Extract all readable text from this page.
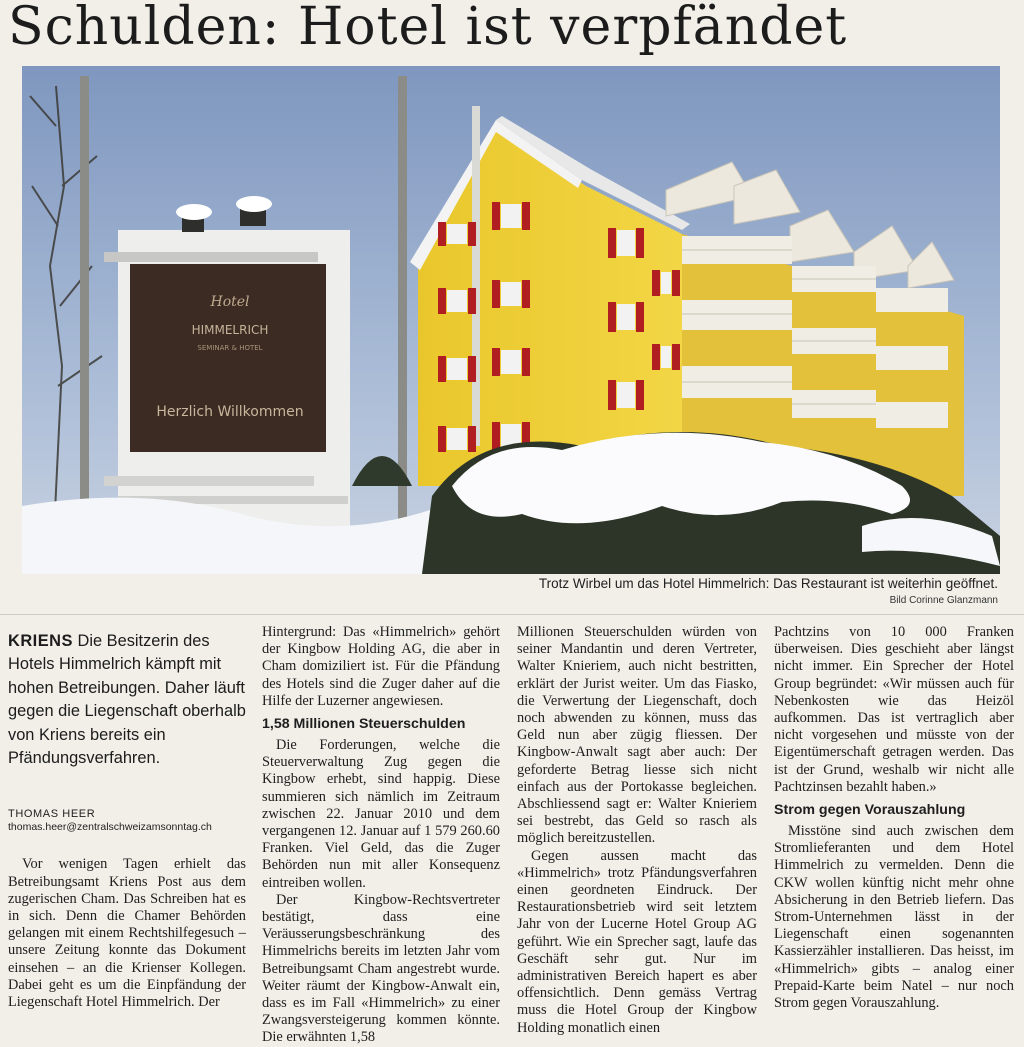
Schulden: Hotel ist verpfändet
Hotel
HIMMELRICH
SEMINAR & HOTEL
Herzlich Willkommen
Trotz Wirbel um das Hotel Himmelrich: Das Restaurant ist weiterhin geöffnet.
Bild Corinne Glanzmann
KRIENS Die Besitzerin des Hotels Himmelrich kämpft mit hohen Betreibungen. Daher läuft gegen die Liegenschaft oberhalb von Kriens bereits ein Pfändungsverfahren.
THOMAS HEER
thomas.heer@zentralschweizamsonntag.ch

Vor wenigen Tagen erhielt das Betreibungsamt Kriens Post aus dem zugerischen Cham. Das Schreiben hat es in sich. Denn die Chamer Behörden gelangen mit einem Rechtshilfegesuch – unsere Zeitung konnte das Dokument einsehen – an die Krienser Kollegen. Dabei geht es um die Einpfändung der Liegenschaft Hotel Himmelrich. Der

Hintergrund: Das «Himmelrich» gehört der Kingbow Holding AG, die aber in Cham domiziliert ist. Für die Pfändung des Hotels sind die Zuger daher auf die Hilfe der Luzerner angewiesen.

1,58 Millionen Steuerschulden

Die Forderungen, welche die Steuerverwaltung Zug gegen die Kingbow erhebt, sind happig. Diese summieren sich nämlich im Zeitraum zwischen 22. Januar 2010 und dem vergangenen 12. Januar auf 1 579 260.60 Franken. Viel Geld, das die Zuger Behörden nun mit aller Konsequenz eintreiben wollen.

Der Kingbow-Rechtsvertreter bestätigt, dass eine Veräusserungsbeschränkung des Himmelrichs bereits im letzten Jahr vom Betreibungsamt Cham angestrebt wurde. Weiter räumt der Kingbow-Anwalt ein, dass es im Fall «Himmelrich» zu einer Zwangsversteigerung kommen könnte. Die erwähnten 1,58

Millionen Steuerschulden würden von seiner Mandantin und deren Vertreter, Walter Knieriem, auch nicht bestritten, erklärt der Jurist weiter. Um das Fiasko, die Verwertung der Liegenschaft, doch noch abwenden zu können, muss das Geld nun aber zügig fliessen. Der Kingbow-Anwalt sagt aber auch: Der geforderte Betrag liesse sich nicht einfach aus der Portokasse begleichen. Abschliessend sagt er: Walter Knieriem sei bestrebt, das Geld so rasch als möglich bereitzustellen.

Gegen aussen macht das «Himmelrich» trotz Pfändungsverfahren einen geordneten Eindruck. Der Restaurationsbetrieb wird seit letztem Jahr von der Lucerne Hotel Group AG geführt. Wie ein Sprecher sagt, laufe das Geschäft sehr gut. Nur im administrativen Bereich hapert es aber offensichtlich. Denn gemäss Vertrag muss die Hotel Group der Kingbow Holding monatlich einen

Pachtzins von 10 000 Franken überweisen. Dies geschieht aber längst nicht immer. Ein Sprecher der Hotel Group begründet: «Wir müssen auch für Nebenkosten wie das Heizöl aufkommen. Das ist vertraglich aber nicht vorgesehen und müsste von der Eigentümerschaft getragen werden. Das ist der Grund, weshalb wir nicht alle Pachtzinsen bezahlt haben.»

Strom gegen Vorauszahlung

Misstöne sind auch zwischen dem Stromlieferanten und dem Hotel Himmelrich zu vermelden. Denn die CKW wollen künftig nicht mehr ohne Absicherung in den Betrieb liefern. Das Strom-Unternehmen lässt in der Liegenschaft einen sogenannten Kassierzähler installieren. Das heisst, im «Himmelrich» gibts – analog einer Prepaid-Karte beim Natel – nur noch Strom gegen Vorauszahlung.
